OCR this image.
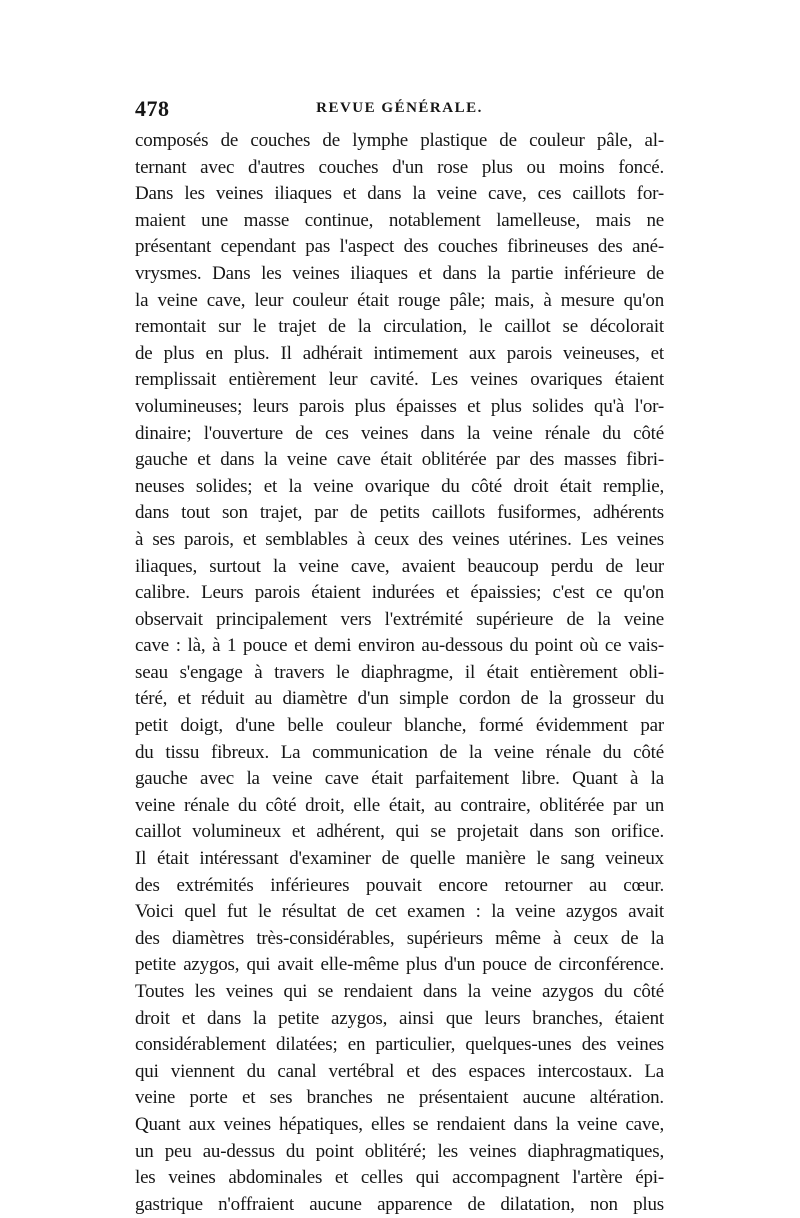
478	REVUE GÉNÉRALE.
composés de couches de lymphe plastique de couleur pâle, al-
ternant avec d'autres couches d'un rose plus ou moins foncé.
Dans les veines iliaques et dans la veine cave, ces caillots for-
maient une masse continue, notablement lamelleuse, mais ne
présentant cependant pas l'aspect des couches fibrineuses des ané-
vrysmes. Dans les veines iliaques et dans la partie inférieure de
la veine cave, leur couleur était rouge pâle; mais, à mesure qu'on
remontait sur le trajet de la circulation, le caillot se décolorait
de plus en plus. Il adhérait intimement aux parois veineuses, et
remplissait entièrement leur cavité. Les veines ovariques étaient
volumineuses; leurs parois plus épaisses et plus solides qu'à l'or-
dinaire; l'ouverture de ces veines dans la veine rénale du côté
gauche et dans la veine cave était oblitérée par des masses fibri-
neuses solides; et la veine ovarique du côté droit était remplie,
dans tout son trajet, par de petits caillots fusiformes, adhérents
à ses parois, et semblables à ceux des veines utérines. Les veines
iliaques, surtout la veine cave, avaient beaucoup perdu de leur
calibre. Leurs parois étaient indurées et épaissies; c'est ce qu'on
observait principalement vers l'extrémité supérieure de la veine
cave : là, à 1 pouce et demi environ au-dessous du point où ce vais-
seau s'engage à travers le diaphragme, il était entièrement obli-
téré, et réduit au diamètre d'un simple cordon de la grosseur du
petit doigt, d'une belle couleur blanche, formé évidemment par
du tissu fibreux. La communication de la veine rénale du côté
gauche avec la veine cave était parfaitement libre. Quant à la
veine rénale du côté droit, elle était, au contraire, oblitérée par un
caillot volumineux et adhérent, qui se projetait dans son orifice.
Il était intéressant d'examiner de quelle manière le sang veineux
des extrémités inférieures pouvait encore retourner au cœur.
Voici quel fut le résultat de cet examen : la veine azygos avait
des diamètres très-considérables, supérieurs même à ceux de la
petite azygos, qui avait elle-même plus d'un pouce de circonférence.
Toutes les veines qui se rendaient dans la veine azygos du côté
droit et dans la petite azygos, ainsi que leurs branches, étaient
considérablement dilatées; en particulier, quelques-unes des veines
qui viennent du canal vertébral et des espaces intercostaux. La
veine porte et ses branches ne présentaient aucune altération.
Quant aux veines hépatiques, elles se rendaient dans la veine cave,
un peu au-dessus du point oblitéré; les veines diaphragmatiques,
les veines abdominales et celles qui accompagnent l'artère épi-
gastrique n'offraient aucune apparence de dilatation, non plus
